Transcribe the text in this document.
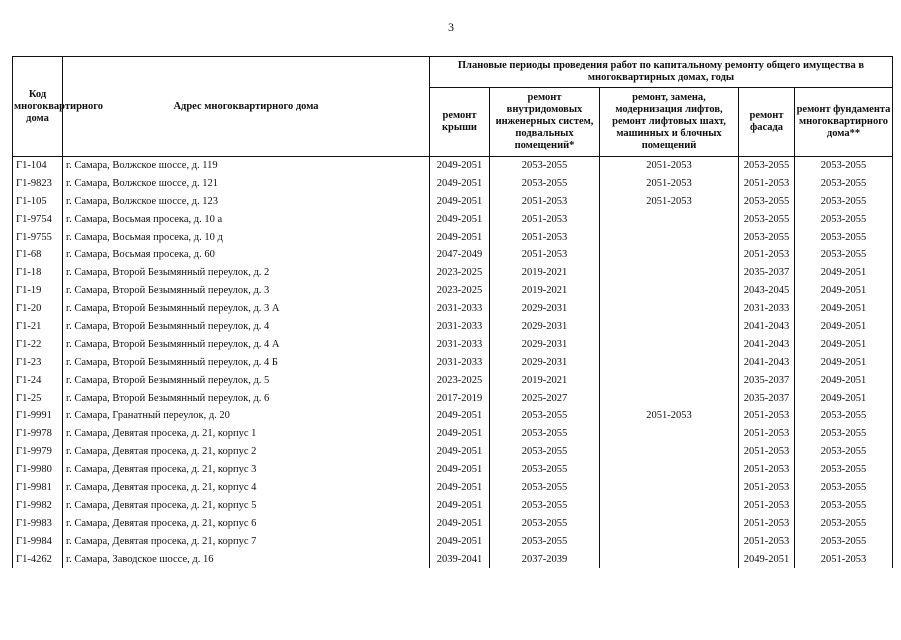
3
Код многоквартирного дома	Адрес многоквартирного дома	Плановые периоды проведения работ по капитальному ремонту общего имущества в многоквартирных домах, годы				
		ремонт крыши	ремонт внутридомовых инженерных систем, подвальных помещений*	ремонт, замена, модернизация лифтов, ремонт лифтовых шахт, машинных и блочных помещений	ремонт фасада	ремонт фундамента многоквартирного дома**
Г1-104	г. Самара, Волжское шоссе, д. 119	2049-2051	2053-2055	2051-2053	2053-2055	2053-2055
Г1-9823	г. Самара, Волжское шоссе, д. 121	2049-2051	2053-2055	2051-2053	2051-2053	2053-2055
Г1-105	г. Самара, Волжское шоссе, д. 123	2049-2051	2051-2053	2051-2053	2053-2055	2053-2055
Г1-9754	г. Самара, Восьмая просека, д. 10 а	2049-2051	2051-2053		2053-2055	2053-2055
Г1-9755	г. Самара, Восьмая просека, д. 10 д	2049-2051	2051-2053		2053-2055	2053-2055
Г1-68	г. Самара, Восьмая просека, д. 60	2047-2049	2051-2053		2051-2053	2053-2055
Г1-18	г. Самара, Второй Безымянный переулок, д. 2	2023-2025	2019-2021		2035-2037	2049-2051
Г1-19	г. Самара, Второй Безымянный переулок, д. 3	2023-2025	2019-2021		2043-2045	2049-2051
Г1-20	г. Самара, Второй Безымянный переулок, д. 3 А	2031-2033	2029-2031		2031-2033	2049-2051
Г1-21	г. Самара, Второй Безымянный переулок, д. 4	2031-2033	2029-2031		2041-2043	2049-2051
Г1-22	г. Самара, Второй Безымянный переулок, д. 4 А	2031-2033	2029-2031		2041-2043	2049-2051
Г1-23	г. Самара, Второй Безымянный переулок, д. 4 Б	2031-2033	2029-2031		2041-2043	2049-2051
Г1-24	г. Самара, Второй Безымянный переулок, д. 5	2023-2025	2019-2021		2035-2037	2049-2051
Г1-25	г. Самара, Второй Безымянный переулок, д. 6	2017-2019	2025-2027		2035-2037	2049-2051
Г1-9991	г. Самара, Гранатный переулок, д. 20	2049-2051	2053-2055	2051-2053	2051-2053	2053-2055
Г1-9978	г. Самара, Девятая просека, д. 21, корпус 1	2049-2051	2053-2055		2051-2053	2053-2055
Г1-9979	г. Самара, Девятая просека, д. 21, корпус 2	2049-2051	2053-2055		2051-2053	2053-2055
Г1-9980	г. Самара, Девятая просека, д. 21, корпус 3	2049-2051	2053-2055		2051-2053	2053-2055
Г1-9981	г. Самара, Девятая просека, д. 21, корпус 4	2049-2051	2053-2055		2051-2053	2053-2055
Г1-9982	г. Самара, Девятая просека, д. 21, корпус 5	2049-2051	2053-2055		2051-2053	2053-2055
Г1-9983	г. Самара, Девятая просека, д. 21, корпус 6	2049-2051	2053-2055		2051-2053	2053-2055
Г1-9984	г. Самара, Девятая просека, д. 21, корпус 7	2049-2051	2053-2055		2051-2053	2053-2055
Г1-4262	г. Самара, Заводское шоссе, д. 16	2039-2041	2037-2039		2049-2051	2051-2053
